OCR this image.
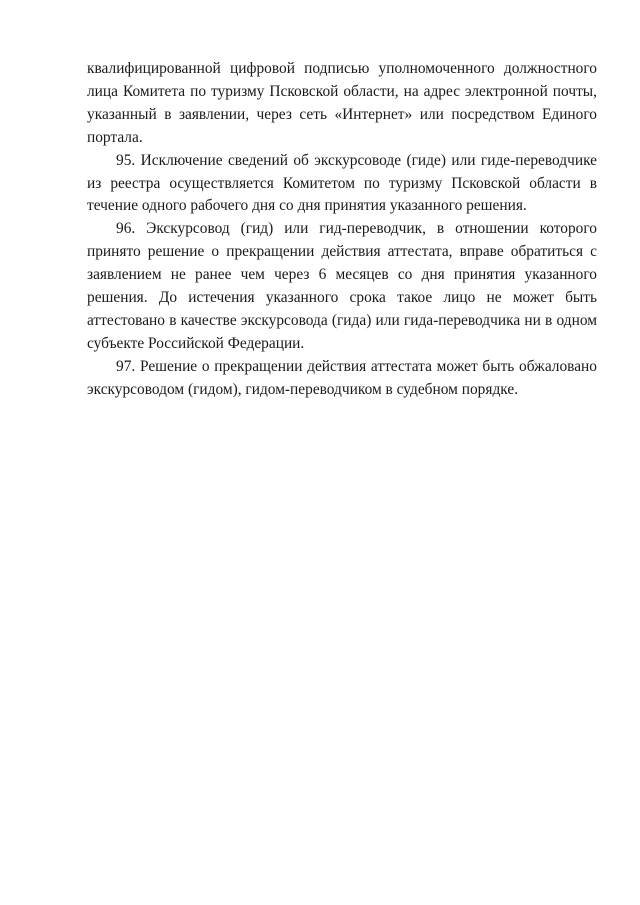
квалифицированной цифровой подписью уполномоченного должностного лица Комитета по туризму Псковской области, на адрес электронной почты, указанный в заявлении, через сеть «Интернет» или посредством Единого портала.

95. Исключение сведений об экскурсоводе (гиде) или гиде-переводчике из реестра осуществляется Комитетом по туризму Псковской области в течение одного рабочего дня со дня принятия указанного решения.

96. Экскурсовод (гид) или гид-переводчик, в отношении которого принято решение о прекращении действия аттестата, вправе обратиться с заявлением не ранее чем через 6 месяцев со дня принятия указанного решения. До истечения указанного срока такое лицо не может быть аттестовано в качестве экскурсовода (гида) или гида-переводчика ни в одном субъекте Российской Федерации.

97. Решение о прекращении действия аттестата может быть обжаловано экскурсоводом (гидом), гидом-переводчиком в судебном порядке.
